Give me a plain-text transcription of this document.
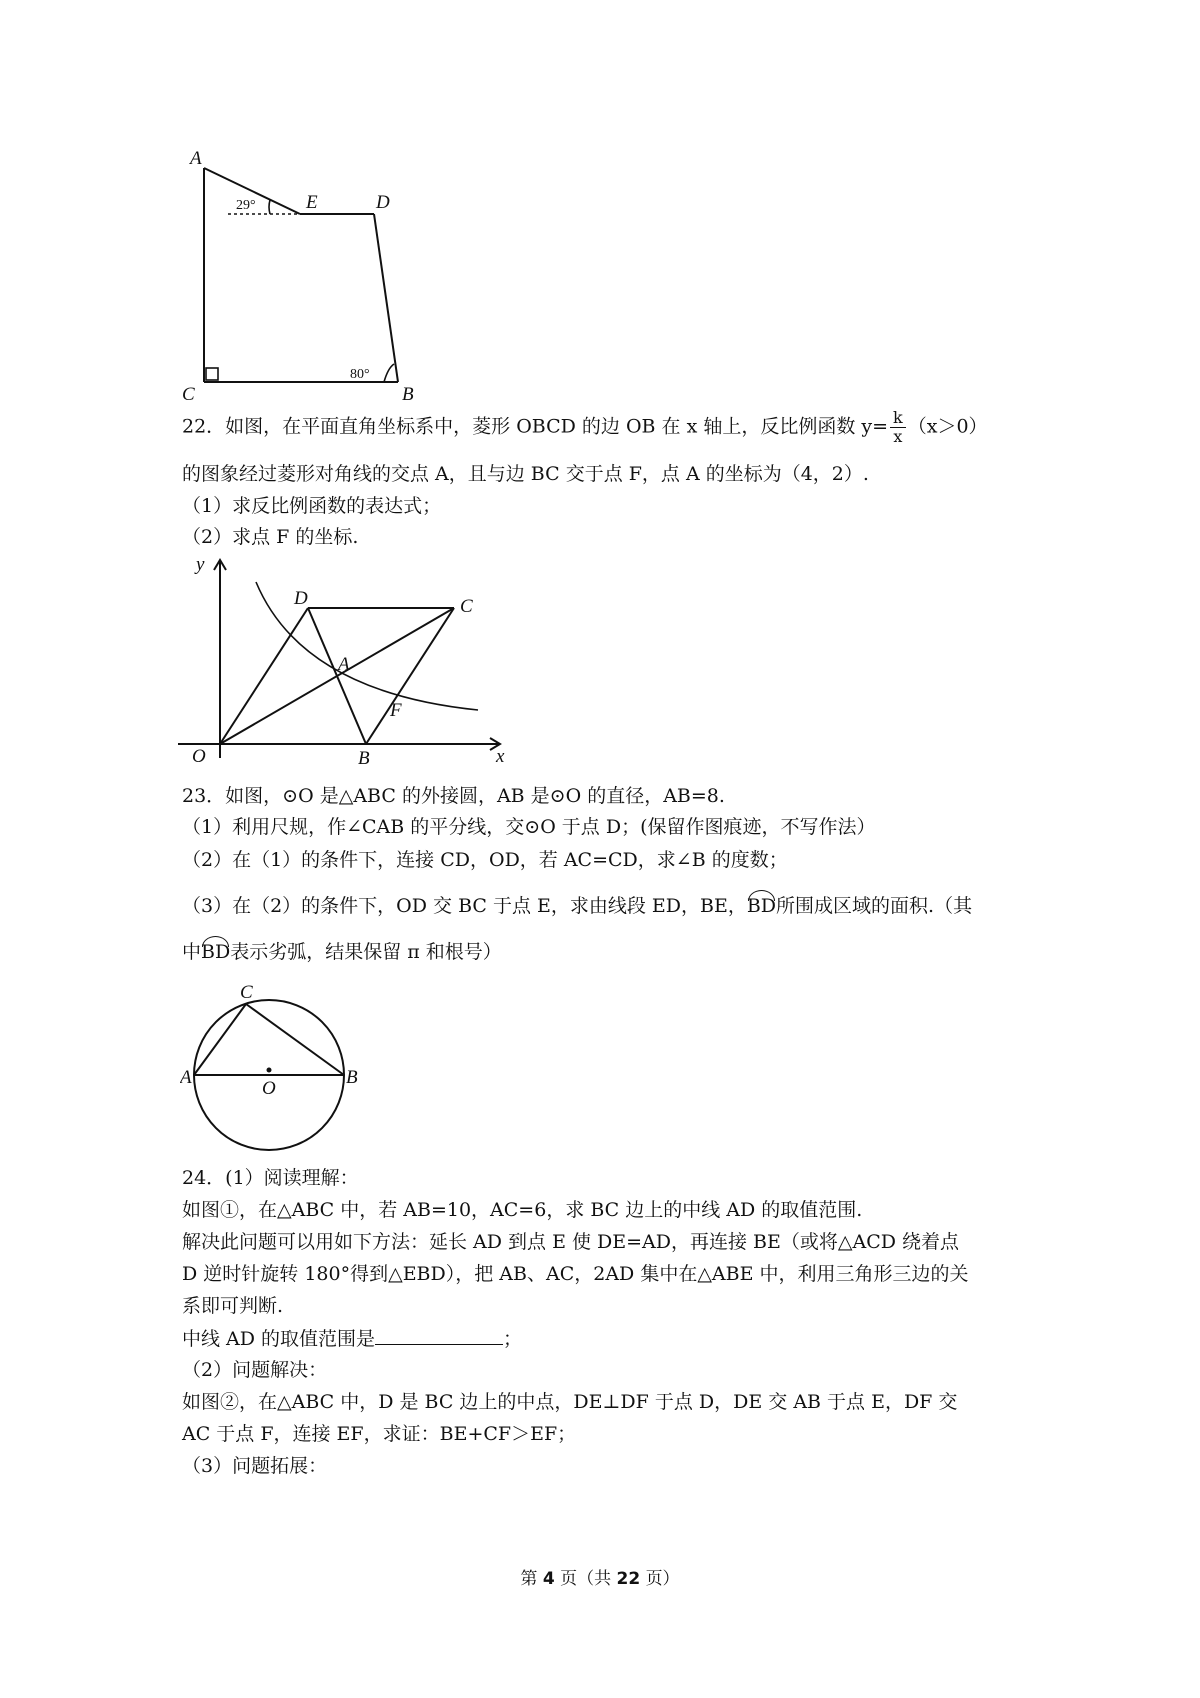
A
E	D
C	B
29°
80°
22．如图，在平面直角坐标系中，菱形 OBCD 的边 OB 在 x 轴上，反比例函数 $y= \frac{k}{x} (x>0)$
的图象经过菱形对角线的交点 A，且与边 BC 交于点 F，点 A 的坐标为（4，2）.
（1）求反比例函数的表达式；
（2）求点 F 的坐标.
y
x
O	B
C
D
A
F
23．如图，⊙O 是△ABC 的外接圆，AB 是⊙O 的直径，AB=8.
（1）利用尺规，作∠CAB 的平分线，交⊙O 于点 D；(保留作图痕迹，不写作法）
（2）在（1）的条件下，连接 CD，OD，若 AC=CD，求∠B 的度数；
（3）在（2）的条件下，OD 交 BC 于点 E，求由线段 ED，BE，BD所围成区域的面积.（其
中BD表示劣弧，结果保留 π 和根号）
A	B
C
O
24．(1）阅读理解：
如图①，在△ABC 中，若 AB=10，AC=6，求 BC 边上的中线 AD 的取值范围.
解决此问题可以用如下方法：延长 AD 到点 E 使 DE=AD，再连接 BE（或将△ACD 绕着点
D 逆时针旋转 180°得到△EBD），把 AB、AC，2AD 集中在△ABE 中，利用三角形三边的关
系即可判断.
中线 AD 的取值范围是	；
（2）问题解决：
如图②，在△ABC 中，D 是 BC 边上的中点，DE⊥DF 于点 D，DE 交 AB 于点 E，DF 交
AC 于点 F，连接 EF，求证：BE+CF＞EF；
（3）问题拓展：
第 4 页（共 22 页）
